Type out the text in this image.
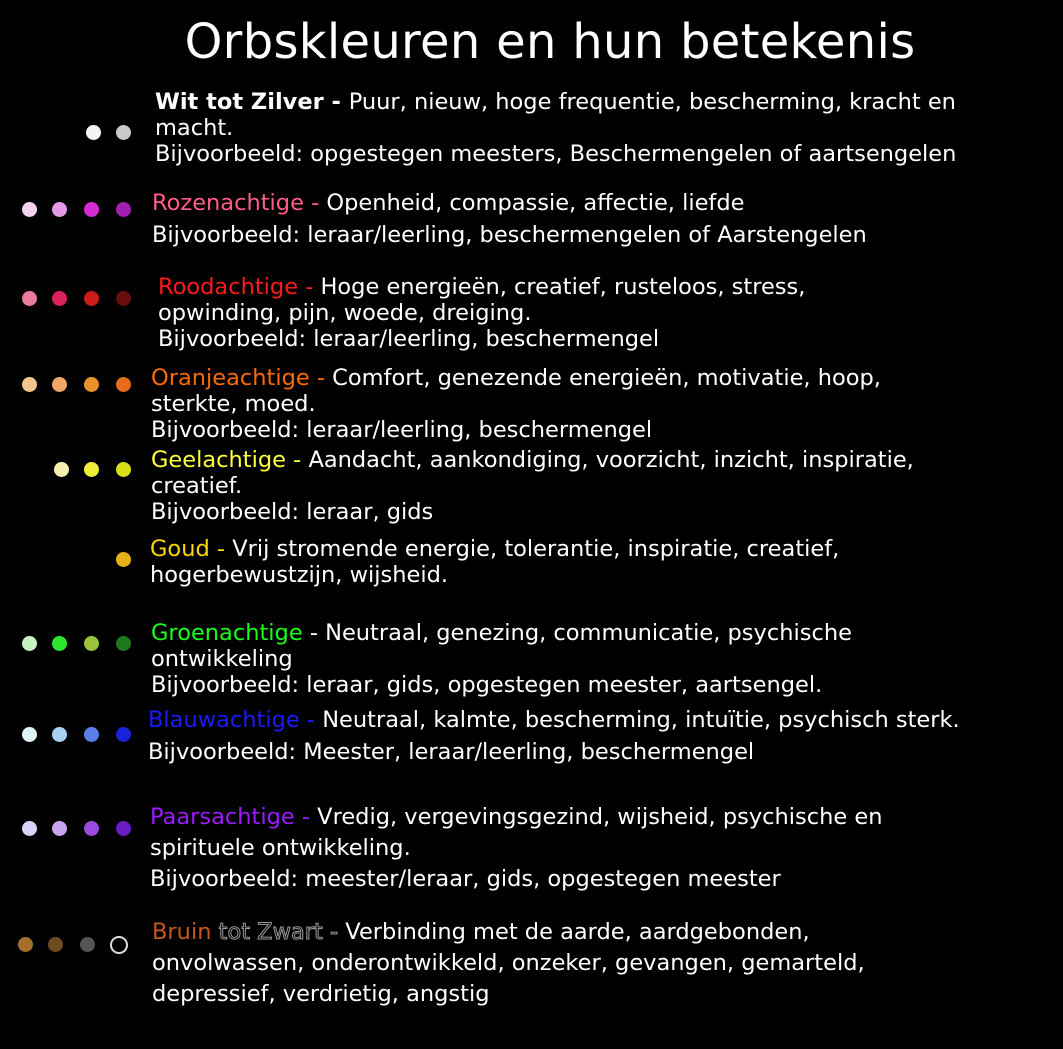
Orbskleuren en hun betekenis
Wit tot Zilver - Puur, nieuw, hoge frequentie, bescherming, kracht en
macht.
Bijvoorbeeld: opgestegen meesters, Beschermengelen of aartsengelen
Rozenachtige - Openheid, compassie, affectie, liefde
Bijvoorbeeld: leraar/leerling, beschermengelen of Aarstengelen
Roodachtige - Hoge energieën, creatief, rusteloos, stress,
opwinding, pijn, woede, dreiging.
Bijvoorbeeld: leraar/leerling, beschermengel
Oranjeachtige - Comfort, genezende energieën, motivatie, hoop,
sterkte, moed.
Bijvoorbeeld: leraar/leerling, beschermengel
Geelachtige - Aandacht, aankondiging, voorzicht, inzicht, inspiratie,
creatief.
Bijvoorbeeld: leraar, gids
Goud - Vrij stromende energie, tolerantie, inspiratie, creatief,
hogerbewustzijn, wijsheid.
Groenachtige - Neutraal, genezing, communicatie, psychische
ontwikkeling
Bijvoorbeeld: leraar, gids, opgestegen meester, aartsengel.
Blauwachtige - Neutraal, kalmte, bescherming, intuïtie, psychisch sterk.
Bijvoorbeeld: Meester, leraar/leerling, beschermengel
Paarsachtige - Vredig, vergevingsgezind, wijsheid, psychische en
spirituele ontwikkeling.
Bijvoorbeeld: meester/leraar, gids, opgestegen meester
Bruin tot Zwart - Verbinding met de aarde, aardgebonden,
onvolwassen, onderontwikkeld, onzeker, gevangen, gemarteld,
depressief, verdrietig, angstig
